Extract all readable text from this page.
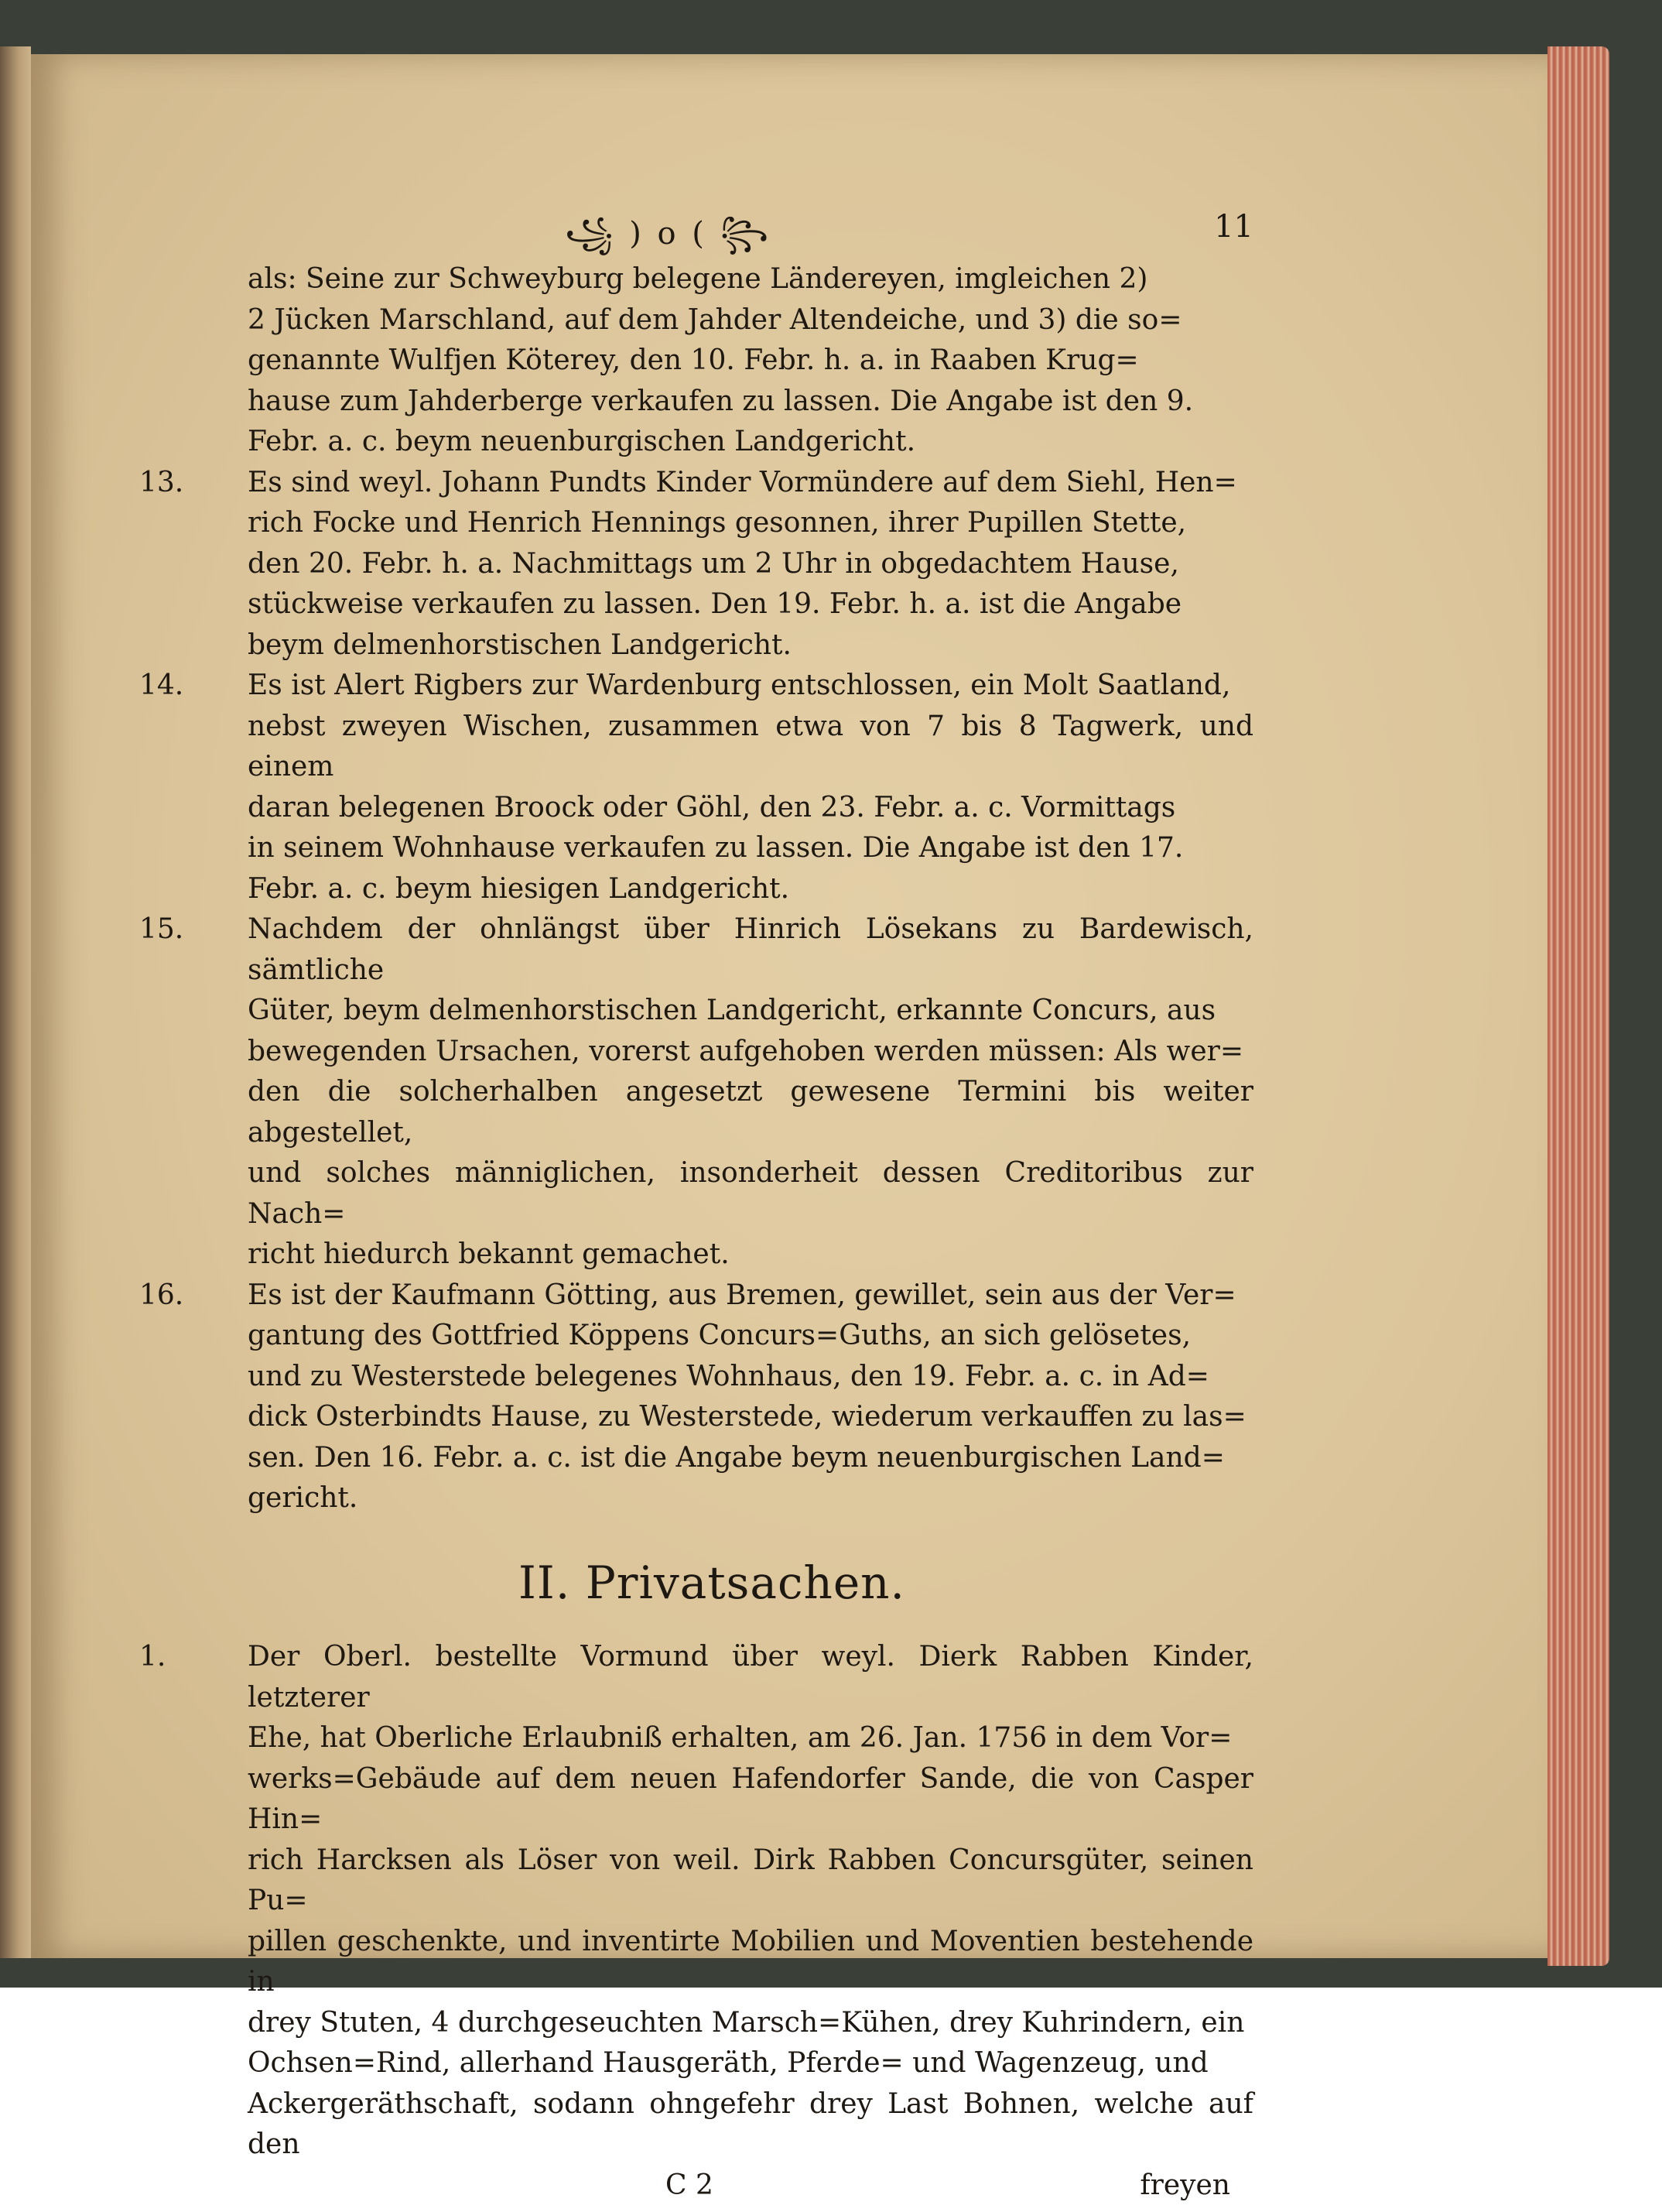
꧁ ) o ( ꧂	11
als: Seine zur Schweyburg belegene Ländereyen, imgleichen 2)
2 Jücken Marschland, auf dem Jahder Altendeiche, und 3) die so=
genannte Wulfjen Köterey, den 10. Febr. h. a. in Raaben Krug=
hause zum Jahderberge verkaufen zu lassen. Die Angabe ist den 9.
Febr. a. c. beym neuenburgischen Landgericht.
13.	Es sind weyl. Johann Pundts Kinder Vormündere auf dem Siehl, Hen=
rich Focke und Henrich Hennings gesonnen, ihrer Pupillen Stette,
den 20. Febr. h. a. Nachmittags um 2 Uhr in obgedachtem Hause,
stückweise verkaufen zu lassen. Den 19. Febr. h. a. ist die Angabe
beym delmenhorstischen Landgericht.
14.	Es ist Alert Rigbers zur Wardenburg entschlossen, ein Molt Saatland,
nebst zweyen Wischen, zusammen etwa von 7 bis 8 Tagwerk, und einem
daran belegenen Broock oder Göhl, den 23. Febr. a. c. Vormittags
in seinem Wohnhause verkaufen zu lassen. Die Angabe ist den 17.
Febr. a. c. beym hiesigen Landgericht.
15.	Nachdem der ohnlängst über Hinrich Lösekans zu Bardewisch, sämtliche
Güter, beym delmenhorstischen Landgericht, erkannte Concurs, aus
bewegenden Ursachen, vorerst aufgehoben werden müssen: Als wer=
den die solcherhalben angesetzt gewesene Termini bis weiter abgestellet,
und solches männiglichen, insonderheit dessen Creditoribus zur Nach=
richt hiedurch bekannt gemachet.
16.	Es ist der Kaufmann Götting, aus Bremen, gewillet, sein aus der Ver=
gantung des Gottfried Köppens Concurs=Guths, an sich gelösetes,
und zu Westerstede belegenes Wohnhaus, den 19. Febr. a. c. in Ad=
dick Osterbindts Hause, zu Westerstede, wiederum verkauffen zu las=
sen. Den 16. Febr. a. c. ist die Angabe beym neuenburgischen Land=
gericht.
II. Privatsachen.
1.	Der Oberl. bestellte Vormund über weyl. Dierk Rabben Kinder, letzterer
Ehe, hat Oberliche Erlaubniß erhalten, am 26. Jan. 1756 in dem Vor=
werks=Gebäude auf dem neuen Hafendorfer Sande, die von Casper Hin=
rich Harcksen als Löser von weil. Dirk Rabben Concursgüter, seinen Pu=
pillen geschenkte, und inventirte Mobilien und Moventien bestehende in
drey Stuten, 4 durchgeseuchten Marsch=Kühen, drey Kuhrindern, ein
Ochsen=Rind, allerhand Hausgeräth, Pferde= und Wagenzeug, und
Ackergeräthschaft, sodann ohngefehr drey Last Bohnen, welche auf den
C 2	freyen
